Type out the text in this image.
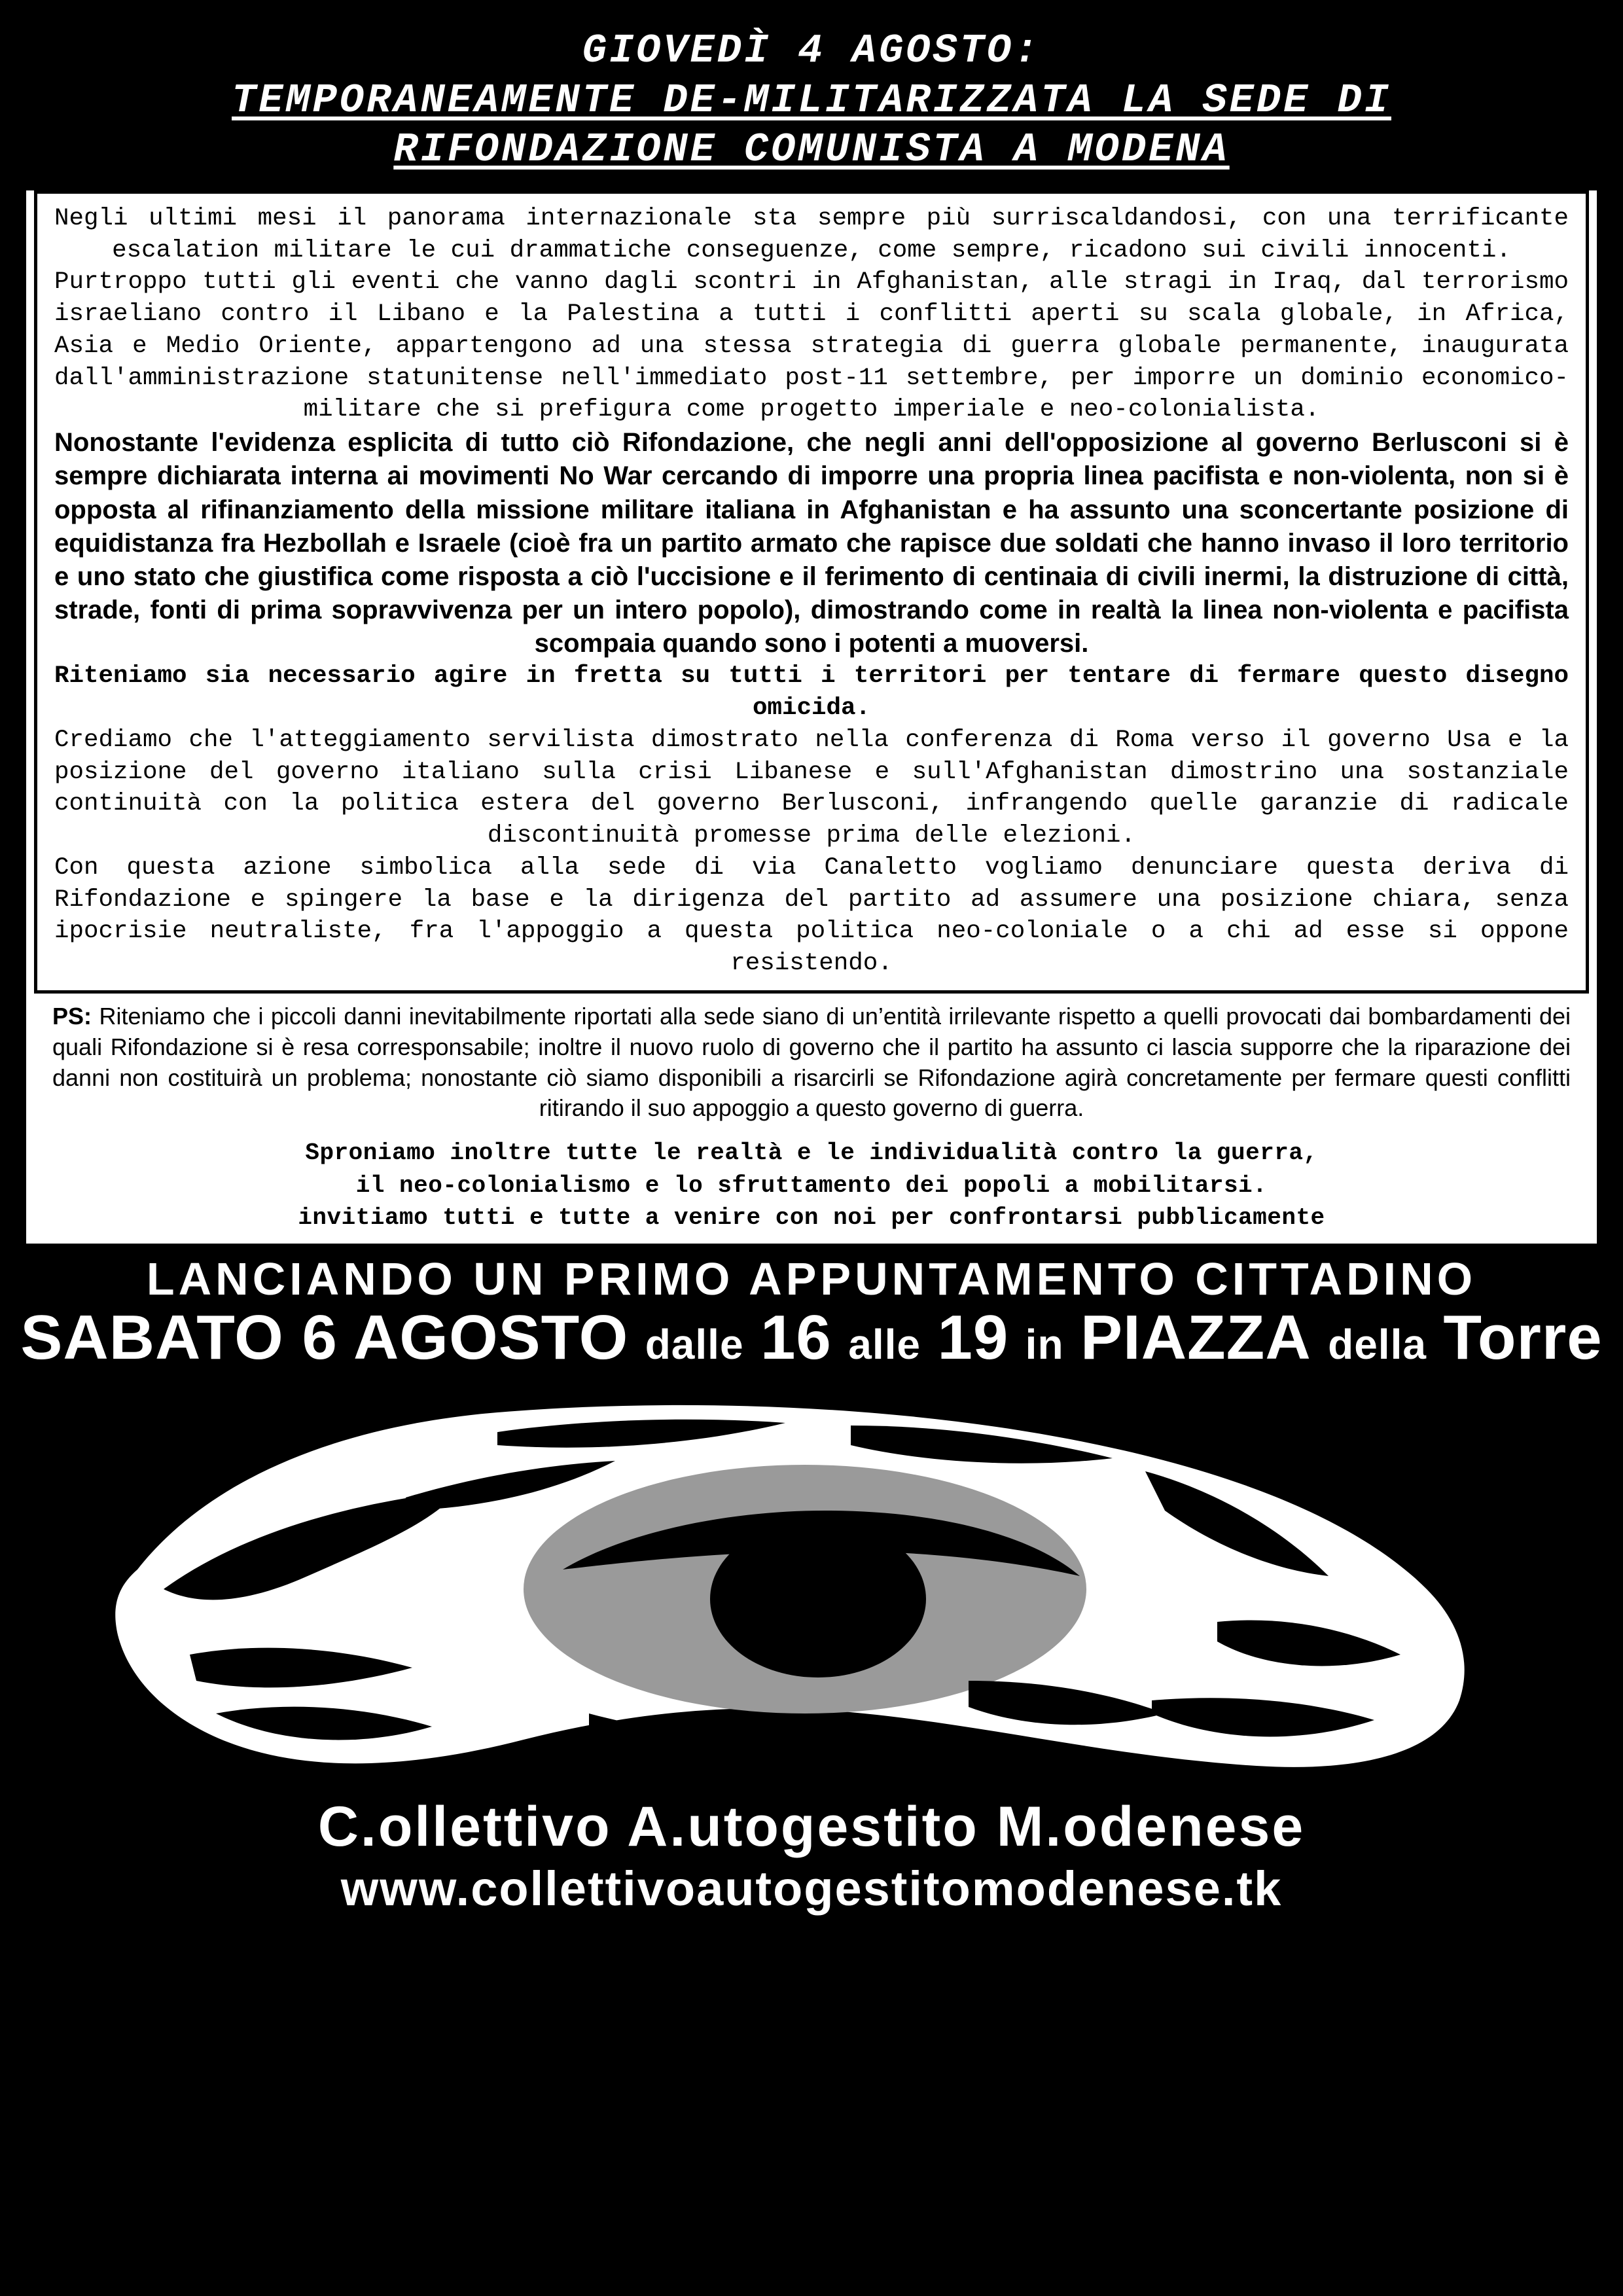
GIOVEDÌ 4 AGOSTO:
TEMPORANEAMENTE DE-MILITARIZZATA LA SEDE DI
RIFONDAZIONE COMUNISTA A MODENA

Negli ultimi mesi il panorama internazionale sta sempre più surriscaldandosi, con una terrificante escalation militare le cui drammatiche conseguenze, come sempre, ricadono sui civili innocenti.

Purtroppo tutti gli eventi che vanno dagli scontri in Afghanistan, alle stragi in Iraq, dal terrorismo israeliano contro il Libano e la Palestina a tutti i conflitti aperti su scala globale, in Africa, Asia e Medio Oriente, appartengono ad una stessa strategia di guerra globale permanente, inaugurata dall'amministrazione statunitense nell'immediato post-11 settembre, per imporre un dominio economico-militare che si prefigura come progetto imperiale e neo-colonialista.

Nonostante l'evidenza esplicita di tutto ciò Rifondazione, che negli anni dell'opposizione al governo Berlusconi si è sempre dichiarata interna ai movimenti No War cercando di imporre una propria linea pacifista e non-violenta, non si è opposta al rifinanziamento della missione militare italiana in Afghanistan e ha assunto una sconcertante posizione di equidistanza fra Hezbollah e Israele (cioè fra un partito armato che rapisce due soldati che hanno invaso il loro territorio e uno stato che giustifica come risposta a ciò l'uccisione e il ferimento di centinaia di civili inermi, la distruzione di città, strade, fonti di prima sopravvivenza per un intero popolo), dimostrando come in realtà la linea non-violenta e pacifista scompaia quando sono i potenti a muoversi.

Riteniamo sia necessario agire in fretta su tutti i territori per tentare di fermare questo disegno omicida.

Crediamo che l'atteggiamento servilista dimostrato nella conferenza di Roma verso il governo Usa e la posizione del governo italiano sulla crisi Libanese e sull'Afghanistan dimostrino una sostanziale continuità con la politica estera del governo Berlusconi, infrangendo quelle garanzie di radicale discontinuità promesse prima delle elezioni.

Con questa azione simbolica alla sede di via Canaletto vogliamo denunciare questa deriva di Rifondazione e spingere la base e la dirigenza del partito ad assumere una posizione chiara, senza ipocrisie neutraliste, fra l'appoggio a questa politica neo-coloniale o a chi ad esse si oppone resistendo.

PS: Riteniamo che i piccoli danni inevitabilmente riportati alla sede siano di un’entità irrilevante rispetto a quelli provocati dai bombardamenti dei quali Rifondazione si è resa corresponsabile; inoltre il nuovo ruolo di governo che il partito ha assunto ci lascia supporre che la riparazione dei danni non costituirà un problema; nonostante ciò siamo disponibili a risarcirli se Rifondazione agirà concretamente per fermare questi conflitti ritirando il suo appoggio a questo governo di guerra.
Sproniamo inoltre tutte le realtà e le individualità contro la guerra,
il neo-colonialismo e lo sfruttamento dei popoli a mobilitarsi.
invitiamo tutti e tutte a venire con noi per confrontarsi pubblicamente
LANCIANDO UN PRIMO APPUNTAMENTO CITTADINO
SABATO 6 AGOSTO dalle 16 alle 19 in PIAZZA della Torre
C.ollettivo A.utogestito M.odenese
www.collettivoautogestitomodenese.tk
